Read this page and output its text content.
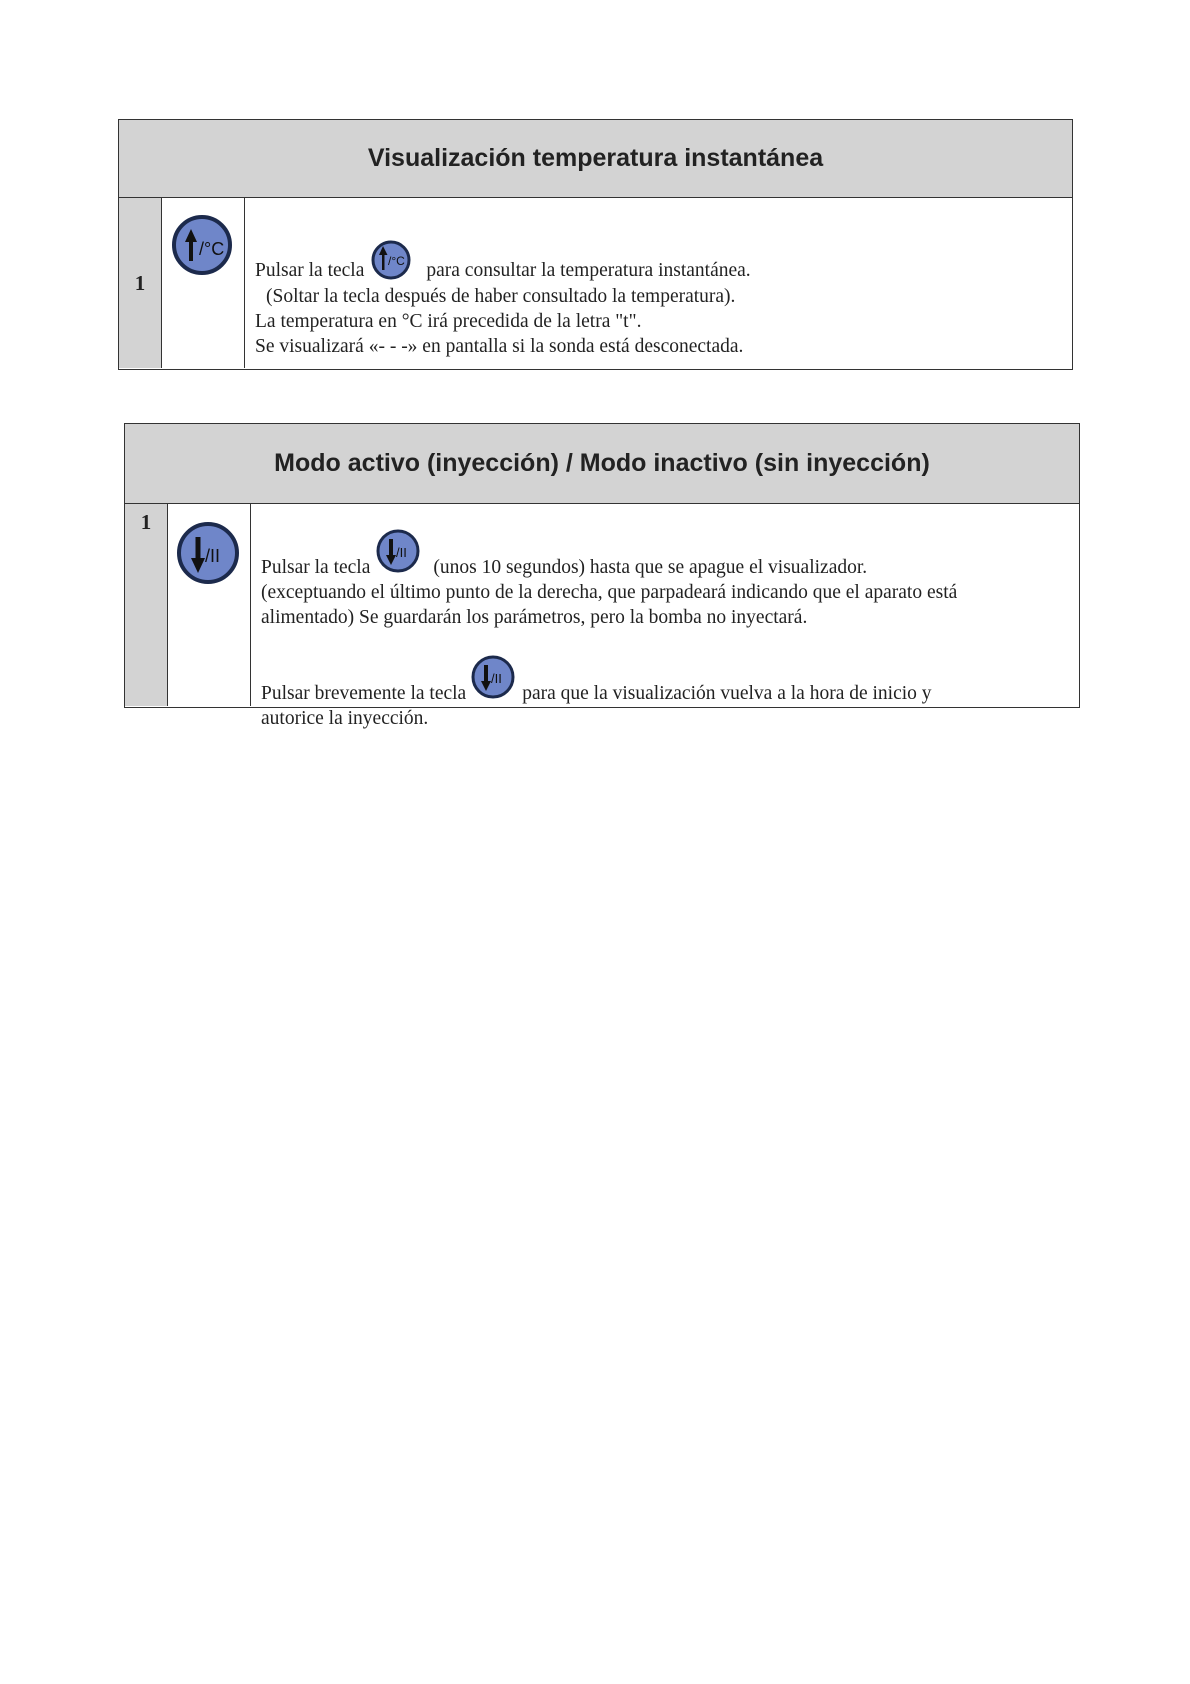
Visualización temperatura instantánea
1
/°C
Pulsar la tecla /°C para consultar la temperatura instantánea.
(Soltar la tecla después de haber consultado la temperatura).
La temperatura en °C irá precedida de la letra "t".
Se visualizará «- - -» en pantalla si la sonda está desconectada.
Modo activo (inyección) / Modo inactivo (sin inyección)
1
/II
Pulsar la tecla
/II
(unos 10 segundos) hasta que se apague el visualizador.
(exceptuando el último punto de la derecha, que parpadeará indicando que el aparato está
alimentado) Se guardarán los parámetros, pero la bomba no inyectará.
Pulsar brevemente la tecla
/II
para que la visualización vuelva a la hora de inicio y
autorice la inyección.
